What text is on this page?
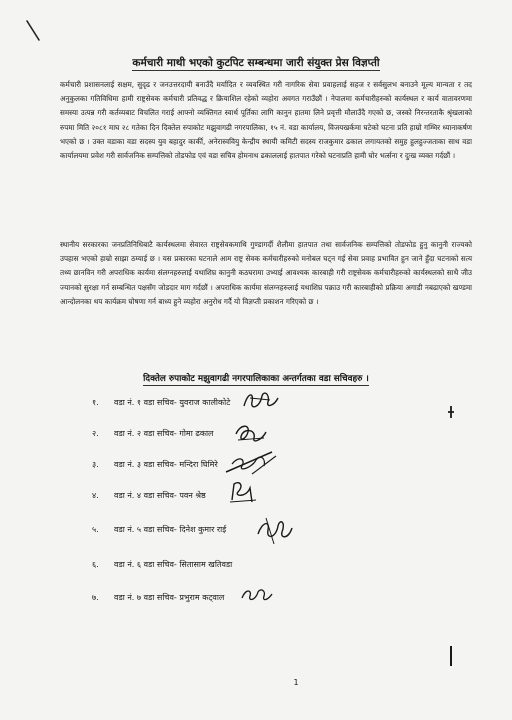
कर्मचारी माथी भएको कुटपिट सम्बन्धमा जारी संयुक्त प्रेस विज्ञप्ती
कर्मचारी प्रशासनलाई सक्षम, सुदृढ र जनउत्तरदायी बनाउँदै मर्यादित र व्यवस्थित गरी नागरिक सेवा प्रवाहलाई सहज र सर्वसुलभ बनाउने मूल्य मान्यता र तद अनुकुलका गतिविधिमा हामी राष्ट्रसेवक कर्मचारी प्रतिवद्ध र क्रियाशिल रहेको व्यहोरा अवगत गराउँछौं । नेपालमा कर्मचारीहरुको कार्यस्थल र कार्य वातावरणमा समस्या उत्पन्न गरी कर्तव्यबाट विचलित गराई आफ्नो व्यक्तिगत स्वार्थ पूर्तिका लागि कानुन हातमा लिने प्रवृत्ती मौलाउँदै गएको छ, जस्को निरन्तरताकै श्रृंखलाको रुपमा मिति २०८१ माघ २८ गतेका दिन दिक्तेल रुपाकोट मझुवागढी नगरपालिका, १५ नं. वडा कार्यालय, विजयखर्कमा घटेको घटना प्रति हाम्रो गम्भिर ध्यानाकर्षण भएको छ । उक्त वडाका वडा सदस्य युव बहादुर कार्की, अनेरास्ववियु केन्द्रीय स्थायी कमिटी सदस्य राजकुमार ढकाल लगायतको समुह हुलहुज्जताका साथ वडा कार्यालयमा प्रवेश गरी सार्वजनिक सम्पत्तिको तोडफोड एवं वडा सचिव होमनाथ ढकाललाई हातपात गरेको घटनाप्रति हामी घोर भर्त्सना र दुःख व्यक्त गर्दछौं ।
स्थानीय सरकारका जनप्रतिनिधिबाटै कार्यस्थलमा सेवारत राष्ट्रसेवकमाथि गुण्डागर्दी शैलीमा हातपात तथा सार्वजनिक सम्पत्तिको तोडफोड हुनु कानुनी राज्यको उपहास भएको हाम्रो साझा ठम्याई छ । यस प्रकारका घटनाले आम राष्ट्र सेवक कर्मचारीहरुको मनोबल घट्न गई सेवा प्रवाह प्रभावित हुन जाने हुँदा घटनाको सत्य तथ्य छानविन गरी अपराधिक कार्यमा संलग्नहरुलाई यथाशिघ्र कानुनी कठघरामा उभ्याई आवश्यक कारबाही गरी राष्ट्रसेवक कर्मचारीहरुको कार्यस्थलको साथै जीउ ज्यानको सुरक्षा गर्न सम्बन्धित पक्षसँग जोडदार माग गर्दछौं । अपराधिक कार्यमा संलग्नहरुलाई यथाशिघ्र पक्राउ गरी कारबाहीको प्रक्रिया अगाडी नबढाएको खण्डमा आन्दोलनका थप कार्यक्रम घोषणा गर्न बाध्य हुने व्यहोरा अनुरोध गर्दै यो विज्ञप्ती प्रकाशन गरिएको छ ।
दिक्तेल रुपाकोट मझुवागढी नगरपालिकाका अन्तर्गतका वडा सचिवहरु ।
१. वडा नं. १ वडा सचिव- युवराज कालीकोटे
२. वडा नं. २ वडा सचिव- गोमा ढकाल
३. वडा नं. ३ वडा सचिव- मन्दिरा घिमिरे
४. वडा नं. ४ वडा सचिव- पवन श्रेष्ठ
५. वडा नं. ५ वडा सचिव- दिनेश कुमार राई
६. वडा नं. ६ वडा सचिव- सितासाम खतिवडा
७. वडा नं. ७ वडा सचिव- प्रभुराम कट्वाल
1
